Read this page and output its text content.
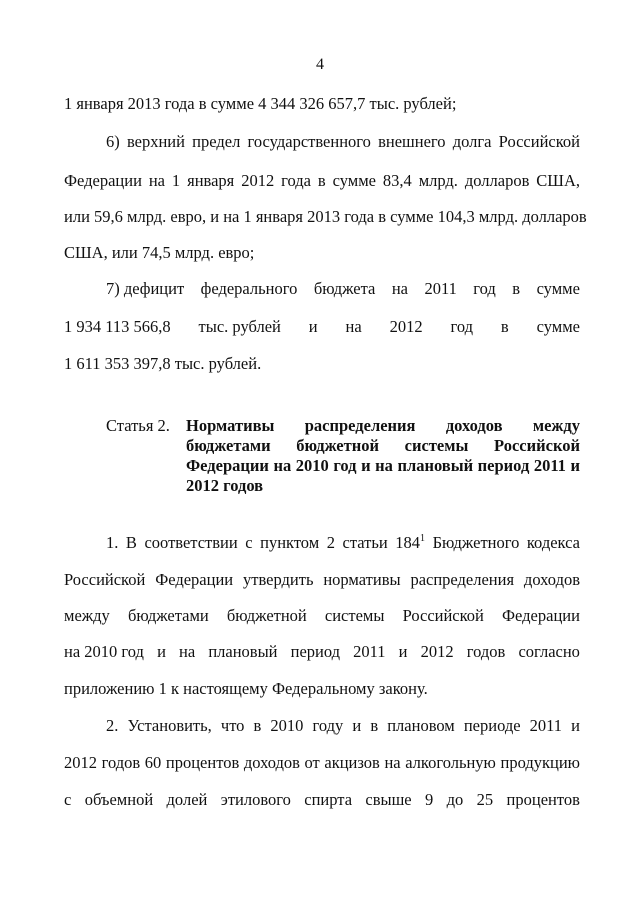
4
1 января 2013 года в сумме 4 344 326 657,7 тыс. рублей;
6) верхний предел государственного внешнего долга Российской
Федерации на 1 января 2012 года в сумме 83,4 млрд. долларов США,
или 59,6 млрд. евро, и на 1 января 2013 года в сумме 104,3 млрд. долларов
США, или 74,5 млрд. евро;
7) дефицит федерального бюджета на 2011 год в сумме
1 934 113 566,8 тыс. рублей и на 2012 год в сумме
1 611 353 397,8 тыс. рублей.
Статья 2. Нормативы распределения доходов между бюджетами бюджетной системы Российской Федерации на 2010 год и на плановый период 2011 и 2012 годов
1. В соответствии с пунктом 2 статьи $184^1$ Бюджетного кодекса
Российской Федерации утвердить нормативы распределения доходов
между бюджетами бюджетной системы Российской Федерации
на 2010 год и на плановый период 2011 и 2012 годов согласно
приложению 1 к настоящему Федеральному закону.
2. Установить, что в 2010 году и в плановом периоде 2011 и
2012 годов 60 процентов доходов от акцизов на алкогольную продукцию
с объемной долей этилового спирта свыше 9 до 25 процентов
